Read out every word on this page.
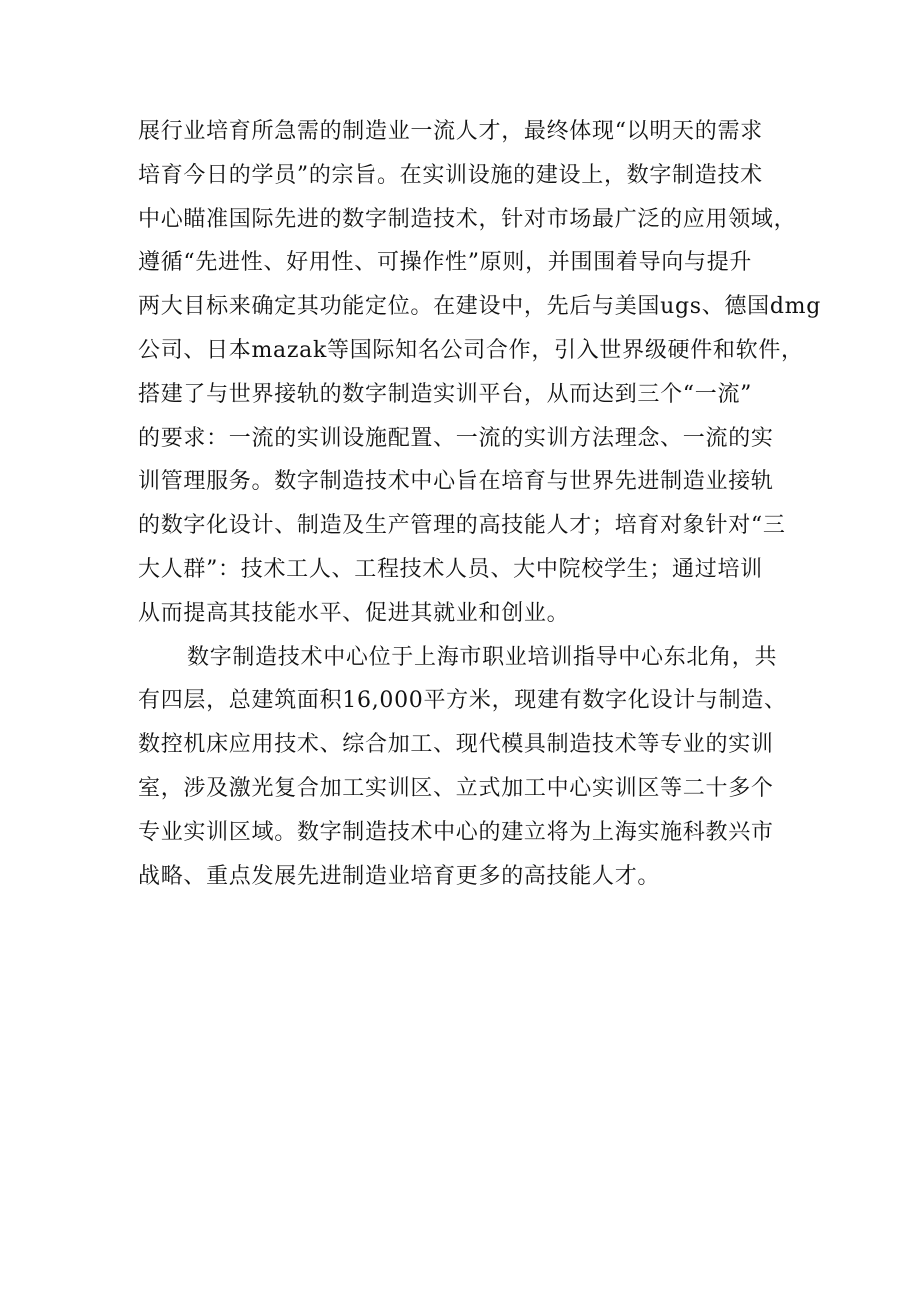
展行业培育所急需的制造业一流人才，最终体现“以明天的需求
培育今日的学员”的宗旨。在实训设施的建设上，数字制造技术
中心瞄准国际先进的数字制造技术，针对市场最广泛的应用领域，
遵循“先进性、好用性、可操作性”原则，并围围着导向与提升
两大目标来确定其功能定位。在建设中，先后与美国ugs、德国dmg
公司、日本mazak等国际知名公司合作，引入世界级硬件和软件，
搭建了与世界接轨的数字制造实训平台，从而达到三个“一流”
的要求：一流的实训设施配置、一流的实训方法理念、一流的实
训管理服务。数字制造技术中心旨在培育与世界先进制造业接轨
的数字化设计、制造及生产管理的高技能人才；培育对象针对“三
大人群”：技术工人、工程技术人员、大中院校学生；通过培训
从而提高其技能水平、促进其就业和创业。
数字制造技术中心位于上海市职业培训指导中心东北角，共
有四层，总建筑面积16,000平方米，现建有数字化设计与制造、
数控机床应用技术、综合加工、现代模具制造技术等专业的实训
室，涉及激光复合加工实训区、立式加工中心实训区等二十多个
专业实训区域。数字制造技术中心的建立将为上海实施科教兴市
战略、重点发展先进制造业培育更多的高技能人才。
